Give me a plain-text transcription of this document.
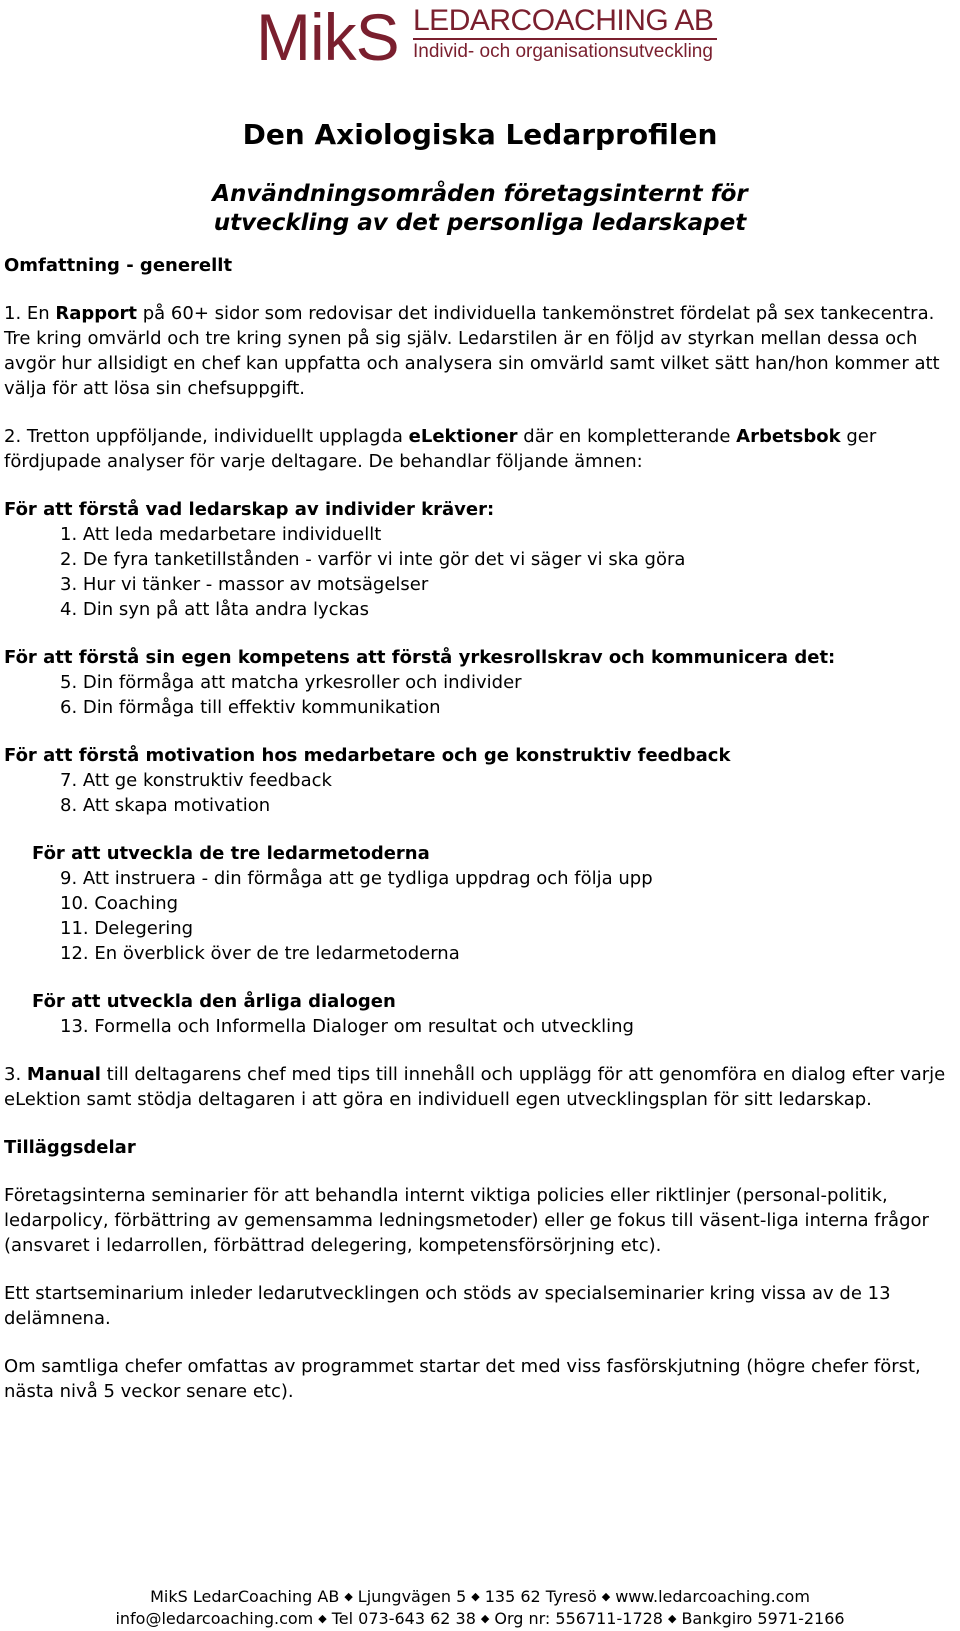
MikS LEDARCOACHING AB
Individ- och organisationsutveckling
Den Axiologiska Ledarprofilen
Användningsområden företagsinternt för
utveckling av det personliga ledarskapet

Omfattning - generellt

1. En Rapport på 60+ sidor som redovisar det individuella tankemönstret fördelat på sex tankecentra. Tre kring omvärld och tre kring synen på sig själv. Ledarstilen är en följd av styrkan mellan dessa och avgör hur allsidigt en chef kan uppfatta och analysera sin omvärld samt vilket sätt han/hon kommer att välja för att lösa sin chefsuppgift.

2. Tretton uppföljande, individuellt upplagda eLektioner där en kompletterande Arbetsbok ger fördjupade analyser för varje deltagare. De behandlar följande ämnen:

För att förstå vad ledarskap av individer kräver:

1. Att leda medarbetare individuellt

2. De fyra tanketillstånden - varför vi inte gör det vi säger vi ska göra

3. Hur vi tänker - massor av motsägelser

4. Din syn på att låta andra lyckas

För att förstå sin egen kompetens att förstå yrkesrollskrav och kommunicera det:

5. Din förmåga att matcha yrkesroller och individer

6. Din förmåga till effektiv kommunikation

För att förstå motivation hos medarbetare och ge konstruktiv feedback

7. Att ge konstruktiv feedback

8. Att skapa motivation

För att utveckla de tre ledarmetoderna

9. Att instruera - din förmåga att ge tydliga uppdrag och följa upp

10. Coaching

11. Delegering

12. En överblick över de tre ledarmetoderna

För att utveckla den årliga dialogen

13. Formella och Informella Dialoger om resultat och utveckling

3. Manual till deltagarens chef med tips till innehåll och upplägg för att genomföra en dialog efter varje eLektion samt stödja deltagaren i att göra en individuell egen utvecklingsplan för sitt ledarskap.

Tilläggsdelar

Företagsinterna seminarier för att behandla internt viktiga policies eller riktlinjer (personal-politik, ledarpolicy, förbättring av gemensamma ledningsmetoder) eller ge fokus till väsent-liga interna frågor (ansvaret i ledarrollen, förbättrad delegering, kompetensförsörjning etc).

Ett startseminarium inleder ledarutvecklingen och stöds av specialseminarier kring vissa av de 13 delämnena.

Om samtliga chefer omfattas av programmet startar det med viss fasförskjutning (högre chefer först, nästa nivå 5 veckor senare etc).

MikS LedarCoaching AB ◆ Ljungvägen 5 ◆ 135 62 Tyresö ◆ www.ledarcoaching.com
info@ledarcoaching.com ◆ Tel 073-643 62 38 ◆ Org nr: 556711-1728 ◆ Bankgiro 5971-2166
